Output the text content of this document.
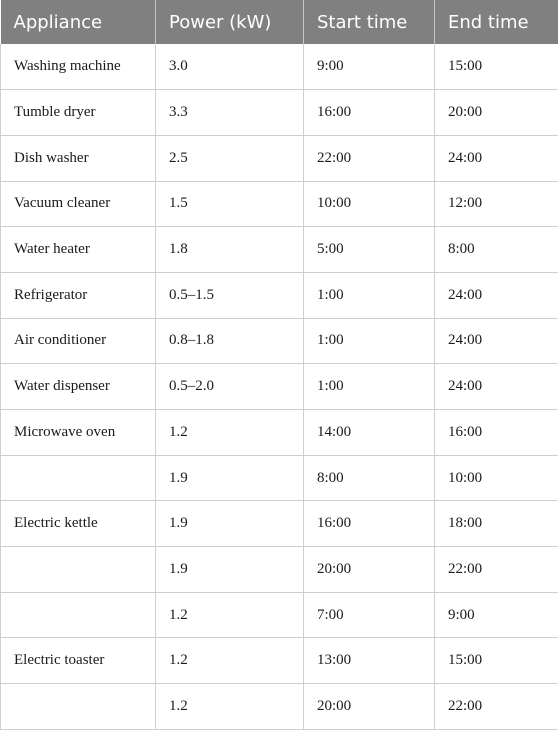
Appliance	Power (kW)	Start time	End time
Washing machine	3.0	9:00	15:00
Tumble dryer	3.3	16:00	20:00
Dish washer	2.5	22:00	24:00
Vacuum cleaner	1.5	10:00	12:00
Water heater	1.8	5:00	8:00
Refrigerator	0.5–1.5	1:00	24:00
Air conditioner	0.8–1.8	1:00	24:00
Water dispenser	0.5–2.0	1:00	24:00
Microwave oven	1.2	14:00	16:00
	1.9	8:00	10:00
Electric kettle	1.9	16:00	18:00
	1.9	20:00	22:00
	1.2	7:00	9:00
Electric toaster	1.2	13:00	15:00
	1.2	20:00	22:00
